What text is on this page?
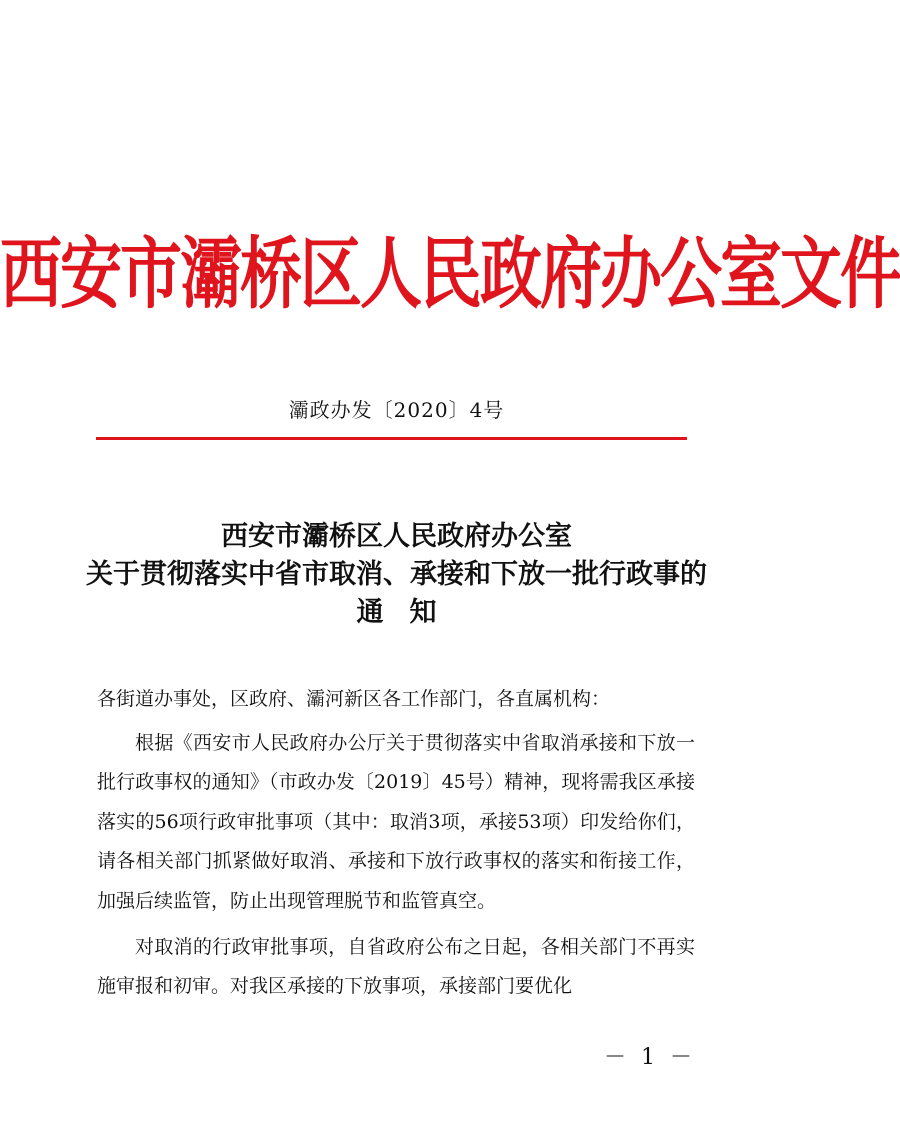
西安市灞桥区人民政府办公室文件
灞政办发〔2020〕4号
西安市灞桥区人民政府办公室
关于贯彻落实中省市取消、承接和下放一批行政事的
通知

各街道办事处，区政府、灞河新区各工作部门，各直属机构：

根据《西安市人民政府办公厅关于贯彻落实中省取消承接和下放一批行政事权的通知》（市政办发〔2019〕45号）精神，现将需我区承接落实的56项行政审批事项（其中：取消3项，承接53项）印发给你们，请各相关部门抓紧做好取消、承接和下放行政事权的落实和衔接工作，加强后续监管，防止出现管理脱节和监管真空。

对取消的行政审批事项，自省政府公布之日起，各相关部门不再实施审报和初审。对我区承接的下放事项，承接部门要优化

－ 1 －
